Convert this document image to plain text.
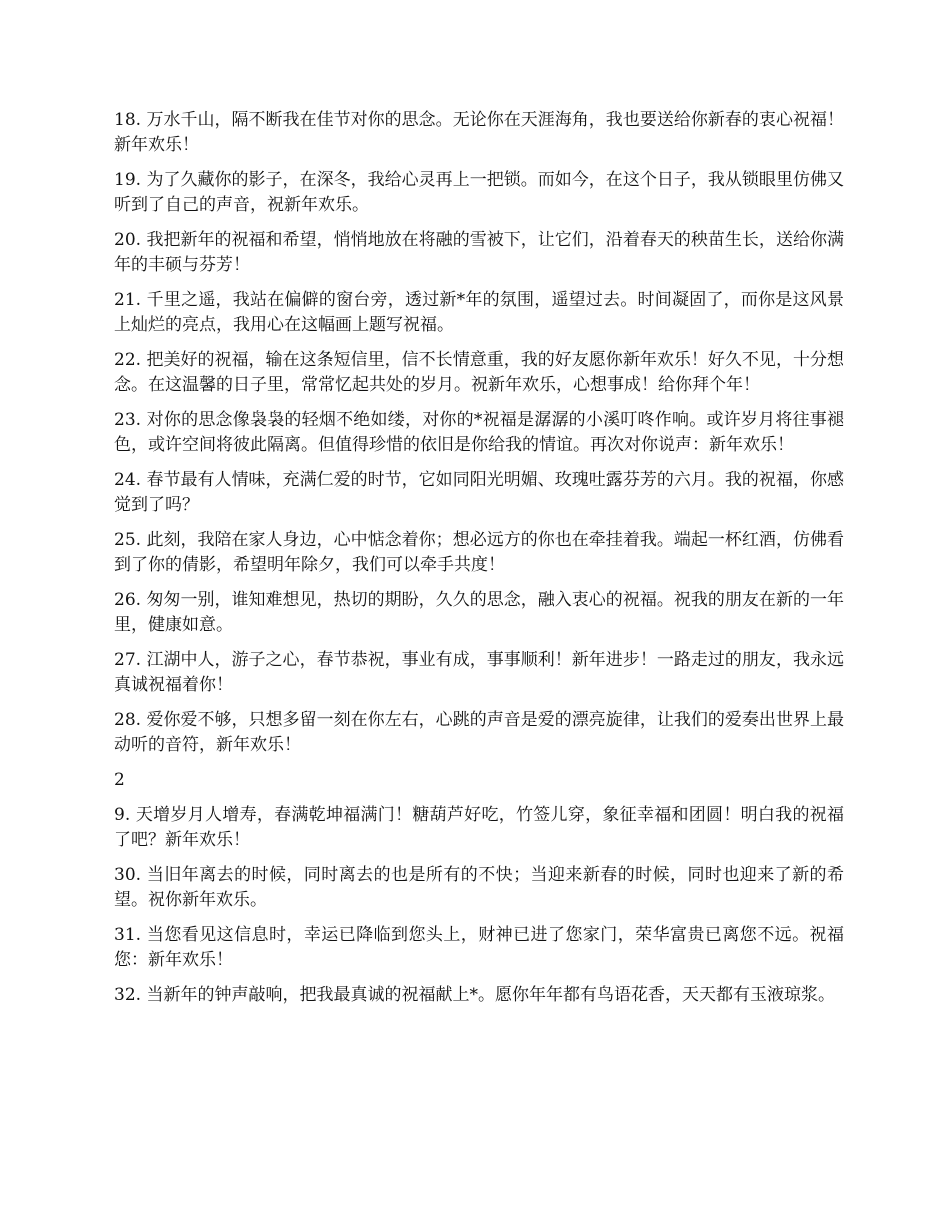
18. 万水千山，隔不断我在佳节对你的思念。无论你在天涯海角，我也要送给你新春的衷心祝福！新年欢乐！

19. 为了久藏你的影子，在深冬，我给心灵再上一把锁。而如今，在这个日子，我从锁眼里仿佛又听到了自己的声音，祝新年欢乐。

20. 我把新年的祝福和希望，悄悄地放在将融的雪被下，让它们，沿着春天的秧苗生长，送给你满年的丰硕与芬芳！

21. 千里之遥，我站在偏僻的窗台旁，透过新*年的氛围，遥望过去。时间凝固了，而你是这风景上灿烂的亮点，我用心在这幅画上题写祝福。

22. 把美好的祝福，输在这条短信里，信不长情意重，我的好友愿你新年欢乐！好久不见，十分想念。在这温馨的日子里，常常忆起共处的岁月。祝新年欢乐，心想事成！给你拜个年！

23. 对你的思念像袅袅的轻烟不绝如缕，对你的*祝福是潺潺的小溪叮咚作响。或许岁月将往事褪色，或许空间将彼此隔离。但值得珍惜的依旧是你给我的情谊。再次对你说声：新年欢乐！

24. 春节最有人情味，充满仁爱的时节，它如同阳光明媚、玫瑰吐露芬芳的六月。我的祝福，你感觉到了吗？

25. 此刻，我陪在家人身边，心中惦念着你；想必远方的你也在牵挂着我。端起一杯红酒，仿佛看到了你的倩影，希望明年除夕，我们可以牵手共度！

26. 匆匆一别，谁知难想见，热切的期盼，久久的思念，融入衷心的祝福。祝我的朋友在新的一年里，健康如意。

27. 江湖中人，游子之心，春节恭祝，事业有成，事事顺利！新年进步！一路走过的朋友，我永远真诚祝福着你！

28. 爱你爱不够，只想多留一刻在你左右，心跳的声音是爱的漂亮旋律，让我们的爱奏出世界上最动听的音符，新年欢乐！

2

9. 天增岁月人增寿，春满乾坤福满门！糖葫芦好吃，竹签儿穿，象征幸福和团圆！明白我的祝福了吧？新年欢乐！

30. 当旧年离去的时候，同时离去的也是所有的不快；当迎来新春的时候，同时也迎来了新的希望。祝你新年欢乐。

31. 当您看见这信息时，幸运已降临到您头上，财神已进了您家门，荣华富贵已离您不远。祝福您：新年欢乐！

32. 当新年的钟声敲响，把我最真诚的祝福献上*。愿你年年都有鸟语花香，天天都有玉液琼浆。
